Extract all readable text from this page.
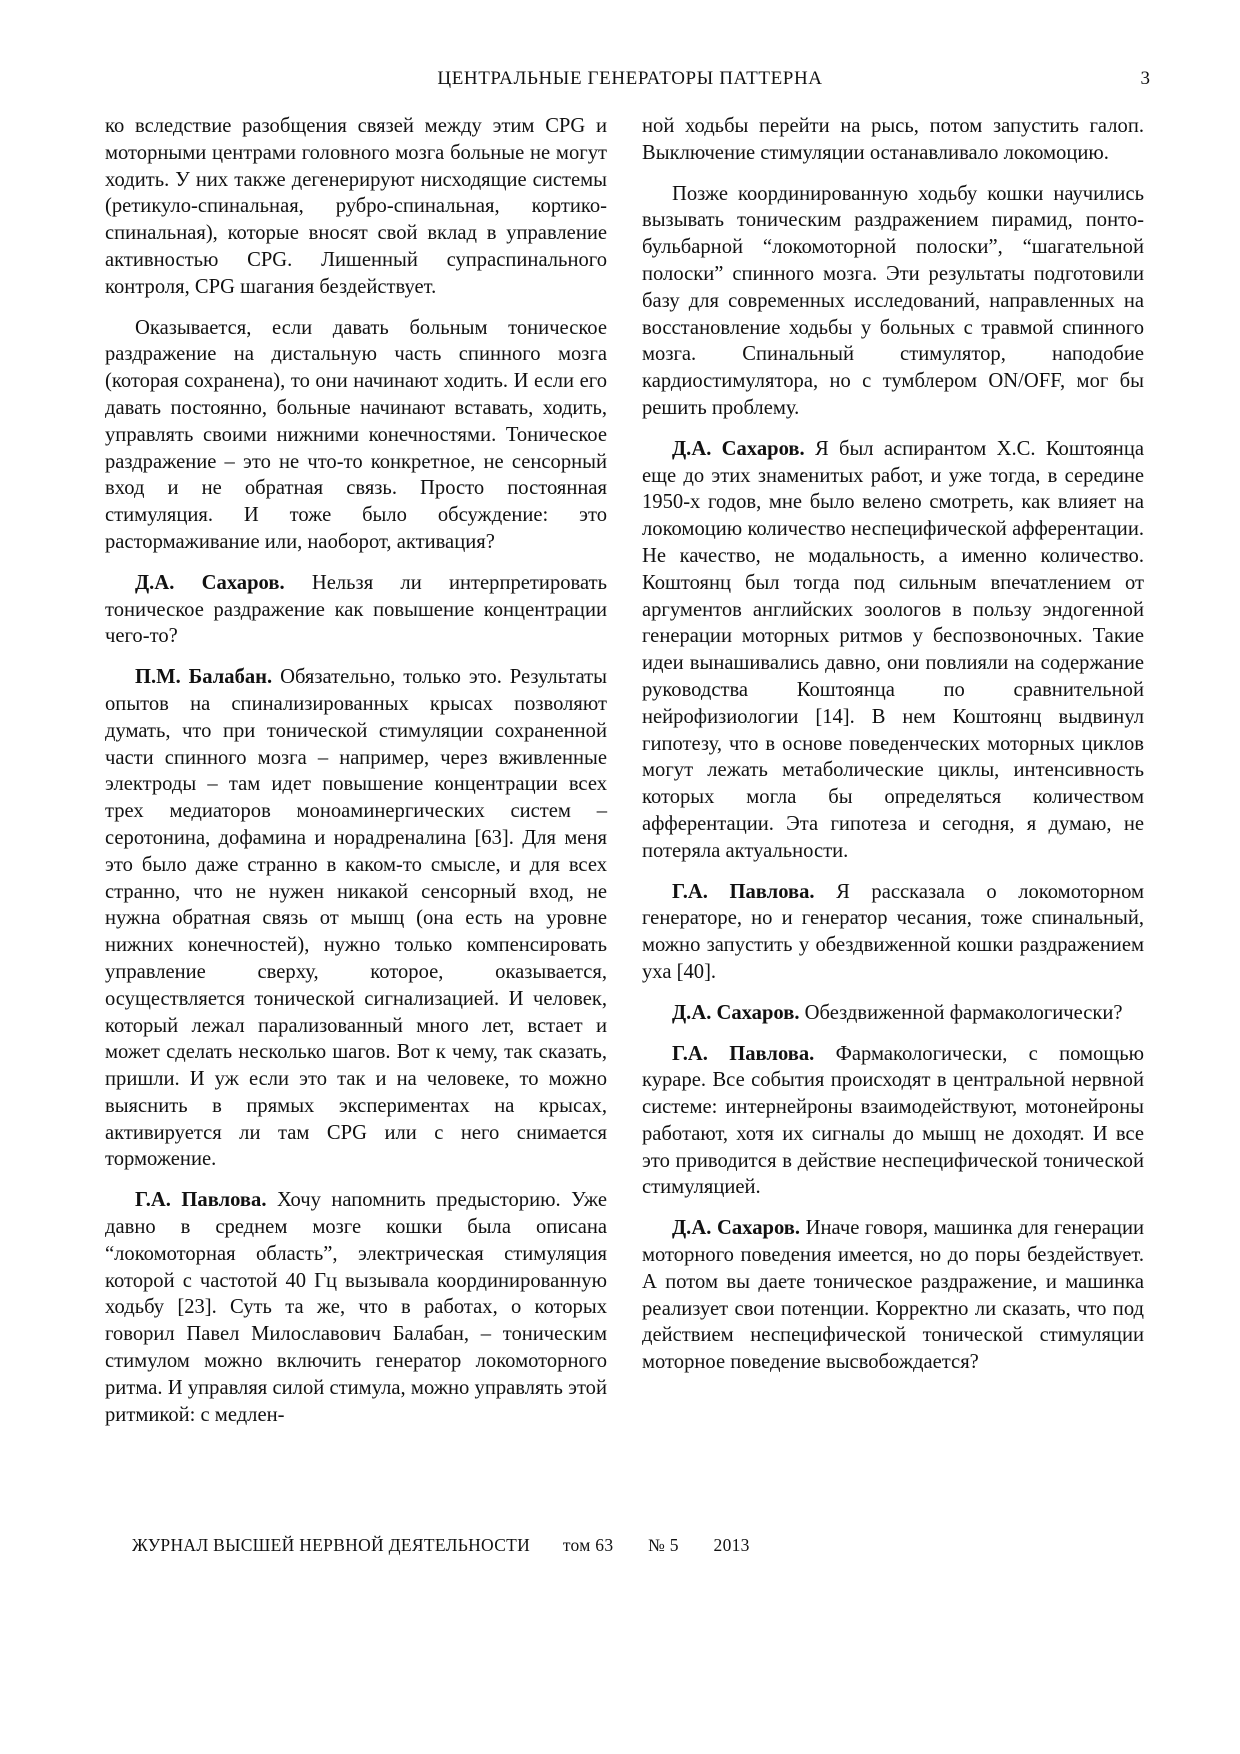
ЦЕНТРАЛЬНЫЕ ГЕНЕРАТОРЫ ПАТТЕРНА	3

ко вследствие разобщения связей между этим CPG и моторными центрами головного мозга больные не могут ходить. У них также дегенерируют нисходящие системы (ретикуло-спинальная, рубро-спинальная, кортико-спинальная), которые вносят свой вклад в управление активностью CPG. Лишенный супраспинального контроля, CPG шагания бездействует.

Оказывается, если давать больным тоническое раздражение на дистальную часть спинного мозга (которая сохранена), то они начинают ходить. И если его давать постоянно, больные начинают вставать, ходить, управлять своими нижними конечностями. Тоническое раздражение – это не что-то конкретное, не сенсорный вход и не обратная связь. Просто постоянная стимуляция. И тоже было обсуждение: это растормаживание или, наоборот, активация?

Д.А. Сахаров. Нельзя ли интерпретировать тоническое раздражение как повышение концентрации чего-то?

П.М. Балабан. Обязательно, только это. Результаты опытов на спинализированных крысах позволяют думать, что при тонической стимуляции сохраненной части спинного мозга – например, через вживленные электроды – там идет повышение концентрации всех трех медиаторов моноаминергических систем – серотонина, дофамина и норадреналина [63]. Для меня это было даже странно в каком-то смысле, и для всех странно, что не нужен никакой сенсорный вход, не нужна обратная связь от мышц (она есть на уровне нижних конечностей), нужно только компенсировать управление сверху, которое, оказывается, осуществляется тонической сигнализацией. И человек, который лежал парализованный много лет, встает и может сделать несколько шагов. Вот к чему, так сказать, пришли. И уж если это так и на человеке, то можно выяснить в прямых экспериментах на крысах, активируется ли там CPG или с него снимается торможение.

Г.А. Павлова. Хочу напомнить предысторию. Уже давно в среднем мозге кошки была описана “локомоторная область”, электрическая стимуляция которой с частотой 40 Гц вызывала координированную ходьбу [23]. Суть та же, что в работах, о которых говорил Павел Милославович Балабан, – тоническим стимулом можно включить генератор локомоторного ритма. И управляя силой стимула, можно управлять этой ритмикой: с медлен-

ной ходьбы перейти на рысь, потом запустить галоп. Выключение стимуляции останавливало локомоцию.

Позже координированную ходьбу кошки научились вызывать тоническим раздражением пирамид, понто-бульбарной “локомоторной полоски”, “шагательной полоски” спинного мозга. Эти результаты подготовили базу для современных исследований, направленных на восстановление ходьбы у больных с травмой спинного мозга. Спинальный стимулятор, наподобие кардиостимулятора, но с тумблером ON/OFF, мог бы решить проблему.

Д.А. Сахаров. Я был аспирантом Х.С. Коштоянца еще до этих знаменитых работ, и уже тогда, в середине 1950-х годов, мне было велено смотреть, как влияет на локомоцию количество неспецифической афферентации. Не качество, не модальность, а именно количество. Коштоянц был тогда под сильным впечатлением от аргументов английских зоологов в пользу эндогенной генерации моторных ритмов у беспозвоночных. Такие идеи вынашивались давно, они повлияли на содержание руководства Коштоянца по сравнительной нейрофизиологии [14]. В нем Коштоянц выдвинул гипотезу, что в основе поведенческих моторных циклов могут лежать метаболические циклы, интенсивность которых могла бы определяться количеством афферентации. Эта гипотеза и сегодня, я думаю, не потеряла актуальности.

Г.А. Павлова. Я рассказала о локомоторном генераторе, но и генератор чесания, тоже спинальный, можно запустить у обездвиженной кошки раздражением уха [40].

Д.А. Сахаров. Обездвиженной фармакологически?

Г.А. Павлова. Фармакологически, с помощью кураре. Все события происходят в центральной нервной системе: интернейроны взаимодействуют, мотонейроны работают, хотя их сигналы до мышц не доходят. И все это приводится в действие неспецифической тонической стимуляцией.

Д.А. Сахаров. Иначе говоря, машинка для генерации моторного поведения имеется, но до поры бездействует. А потом вы даете тоническое раздражение, и машинка реализует свои потенции. Корректно ли сказать, что под действием неспецифической тонической стимуляции моторное поведение высвобождается?

ЖУРНАЛ ВЫСШЕЙ НЕРВНОЙ ДЕЯТЕЛЬНОСТИ том 63 № 5 2013
